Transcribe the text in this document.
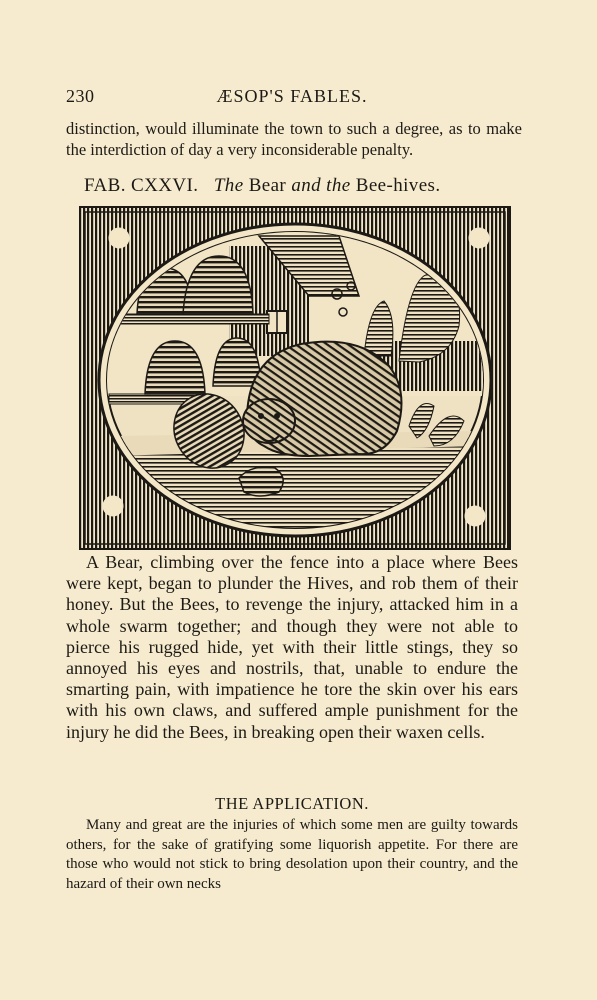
230	ÆSOP'S FABLES.

distinction, would illuminate the town to such a degree, as to make the interdiction of day a very inconsiderable penalty.

FAB. CXXVI. The Bear and the Bee-hives.

A Bear, climbing over the fence into a place where Bees were kept, began to plunder the Hives, and rob them of their honey. But the Bees, to revenge the injury, attacked him in a whole swarm together; and though they were not able to pierce his rugged hide, yet with their little stings, they so annoyed his eyes and nostrils, that, unable to endure the smarting pain, with impatience he tore the skin over his ears with his own claws, and suffered ample punishment for the injury he did the Bees, in breaking open their waxen cells.

THE APPLICATION.

Many and great are the injuries of which some men are guilty towards others, for the sake of gratifying some liquorish appetite. For there are those who would not stick to bring desolation upon their country, and the hazard of their own necks
